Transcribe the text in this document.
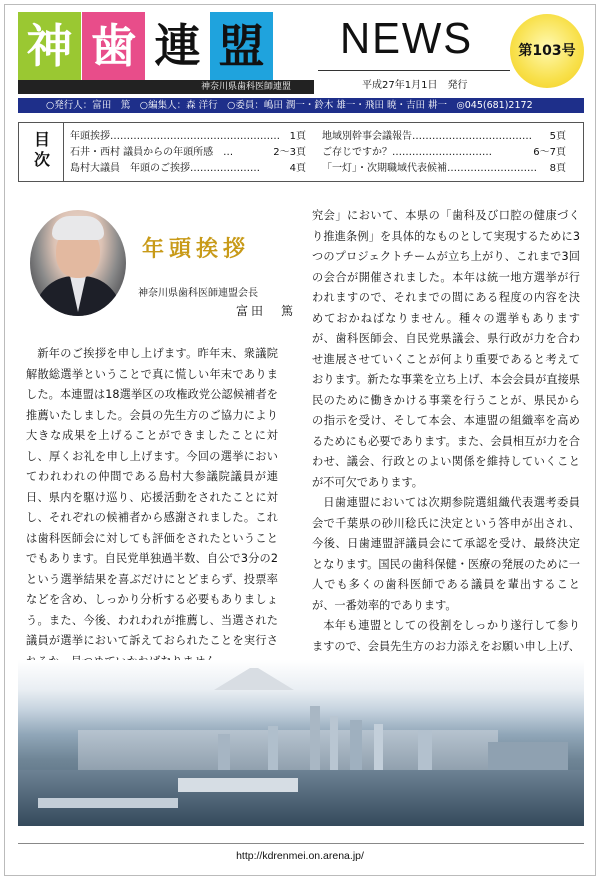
神 歯 連 盟
神奈川県歯科医師連盟
NEWS	第103号
平成27年1月1日　発行
○発行人：富田　篤　○編集人：森 洋行　○委員：嶋田 潤一・鈴木 雄一・飛田 暁・吉田 耕一　◎045(681)2172
目次 年頭挨拶…………………………………………… 1頁
石井・西村 議員からの年頭所感　…	2〜3頁
島村大議員　年頭のご挨拶…………………	4頁
地域別幹事会議報告……………………………… 5頁
ご存じですか？…………………………	6〜7頁
「一灯」・次期職域代表候補……………………… 8頁
年頭挨拶
神奈川県歯科医師連盟会長
富田　篤

新年のご挨拶を申し上げます。昨年末、衆議院解散総選挙ということで真に慌しい年末でありました。本連盟は18選挙区の攻権政党公認候補者を推薦いたしました。会員の先生方のご協力により大きな成果を上げることができましたことに対し、厚くお礼を申し上げます。今回の選挙においてわれわれの仲間である島村大参議院議員が連日、県内を駆け巡り、応援活動をされたことに対し、それぞれの候補者から感謝されました。これは歯科医師会に対しても評価をされたということでもあります。自民党単独過半数、自公で3分の2という選挙結果を喜ぶだけにとどまらず、投票率などを含め、しっかり分析する必要もありましょう。また、今後、われわれが推薦し、当選された議員が選挙において訴えておられたことを実行さ

究会」において、本県の「歯科及び口腔の健康づくり推進条例」を具体的なものとして実現するために3つのプロジェクトチームが立ち上がり、これまで3回の会合が開催されました。本年は統一地方選挙が行われますので、それまでの間にある程度の内容を決めておかねばなりません。種々の選挙もありますが、歯科医師会、自民党県議会、県行政が力を合わせ進展させていくことが何より重要であると考えております。新たな事業を立ち上げ、本会会員が直接県民のために働きかける事業を行うことが、県民からの指示を受け、そして本会、本連盟の組織率を高めるためにも必要であります。また、会員相互が力を合わせ、議会、行政とのよい関係を維持していくことが不可欠であります。

日歯連盟においては次期参院選組織代表選考委員会で千葉県の砂川稔氏に決定という答申が出され、今後、日歯連盟評議員会にて承認を受け、最終決定となります。国民の歯科保健・医療の発展のために一人でも多くの歯科医師である議員を輩出することが、一番効率的であります。

本年も連盟としての役割をしっかり遂行して参りますので、会員先生方のお力添えをお願い申し上げ、

http://kdrenmei.on.arena.jp/
